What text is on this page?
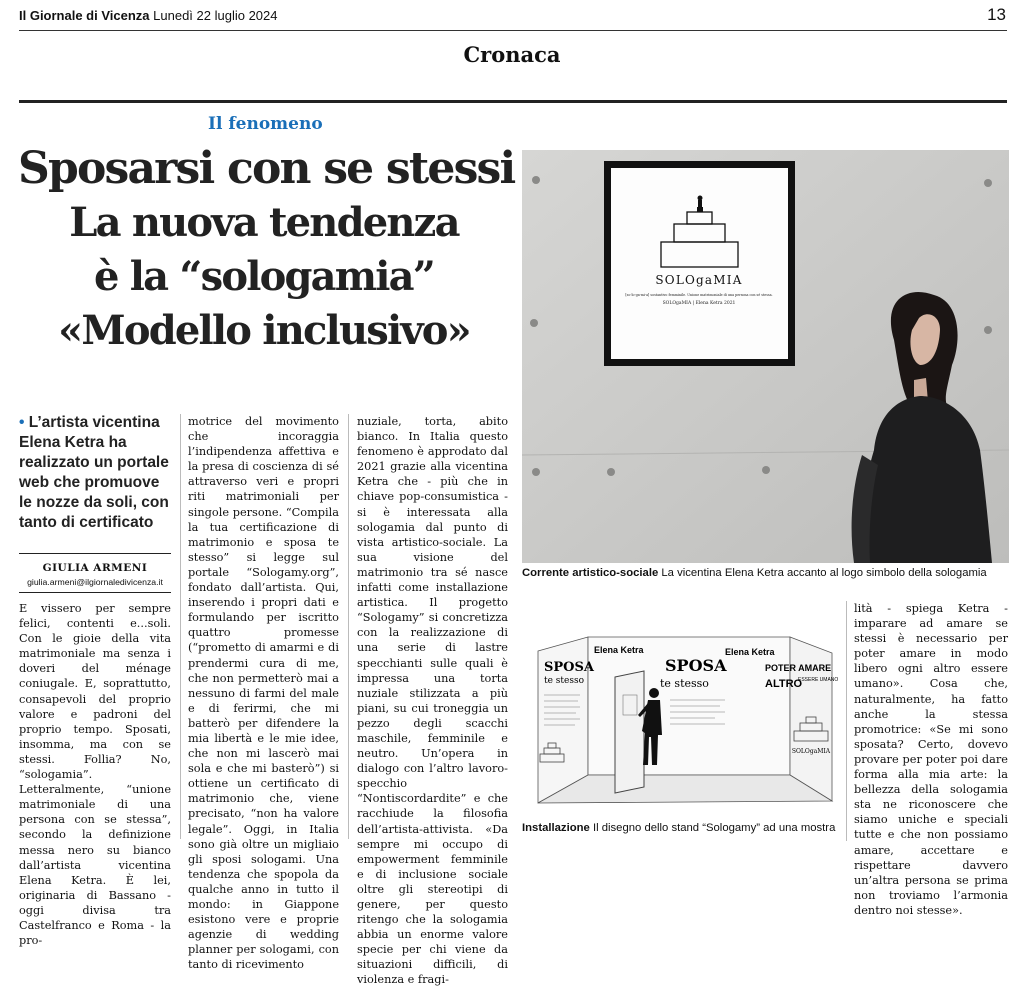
Il Giornale di Vicenza Lunedì 22 luglio 2024	13
Cronaca
Il fenomeno
Sposarsi con se stessi
La nuova tendenza
è la “sologamia”
«Modello inclusivo»
• L’artista vicentina Elena Ketra ha realizzato un portale web che promuove le nozze da soli, con tanto di certificato
GIULIA ARMENI
giulia.armeni@ilgiornaledivicenza.it
E vissero per sempre felici, contenti e...soli. Con le gioie della vita matrimoniale ma senza i doveri del ménage coniugale. E, soprattutto, consapevoli del proprio valore e padroni del proprio tempo. Sposati, insomma, ma con se stessi. Follia? No, “sologamia”. Letteralmente, “unione matrimoniale di una persona con se stessa”, secondo la definizione messa nero su bianco dall’artista vicentina Elena Ketra. È lei, originaria di Bassano - oggi divisa tra Castelfranco e Roma - la pro-
motrice del movimento che incoraggia l’indipendenza affettiva e la presa di coscienza di sé attraverso veri e propri riti matrimoniali per singole persone. “Compila la tua certificazione di matrimonio e sposa te stesso” si legge sul portale “Sologamy.org”, fondato dall’artista. Qui, inserendo i propri dati e formulando per iscritto quattro promesse (“prometto di amarmi e di prendermi cura di me, che non permetterò mai a nessuno di farmi del male e di ferirmi, che mi batterò per difendere la mia libertà e le mie idee, che non mi lascerò mai sola e che mi basterò”) si ottiene un certificato di matrimonio che, viene precisato, “non ha valore legale”. Oggi, in Italia sono già oltre un migliaio gli sposi sologami. Una tendenza che spopola da qualche anno in tutto il mondo: in Giappone esistono vere e proprie agenzie di wedding planner per sologami, con tanto di ricevimento
nuziale, torta, abito bianco. In Italia questo fenomeno è approdato dal 2021 grazie alla vicentina Ketra che - più che in chiave pop-consumistica - si è interessata alla sologamia dal punto di vista artistico-sociale. La sua visione del matrimonio tra sé nasce infatti come installazione artistica. Il progetto “Sologamy” si concretizza con la realizzazione di una serie di lastre specchianti sulle quali è impressa una torta nuziale stilizzata a più piani, su cui troneggia un pezzo degli scacchi maschile, femminile e neutro. Un’opera in dialogo con l’altro lavoro-specchio “Nontiscordardite” e che racchiude la filosofia dell’artista-attivista. «Da sempre mi occupo di empowerment femminile e di inclusione sociale oltre gli stereotipi di genere, per questo ritengo che la sologamia abbia un enorme valore specie per chi viene da situazioni difficili, di violenza e fragi-
lità - spiega Ketra - imparare ad amare se stessi è necessario per poter amare in modo libero ogni altro essere umano». Cosa che, naturalmente, ha fatto anche la stessa promotrice: «Se mi sono sposata? Certo, dovevo provare per poter poi dare forma alla mia arte: la bellezza della sologamia sta ne riconoscere che siamo uniche e speciali tutte e che non possiamo amare, accettare e rispettare davvero un’altra persona se prima non troviamo l’armonia dentro noi stesse».
SOLOgaMIA
[so-lo-ga-mi-a] sostantivo femminile. Unione matrimoniale di una persona con sé stessa.
SOLOgaMIA | Elena Ketra 2021
Corrente artistico-sociale La vicentina Elena Ketra accanto al logo simbolo della sologamia
SPOSA
te stesso
Elena Ketra
SPOSA
te stesso
Elena Ketra
POTER AMARE
ALTRO
ESSERE UMANO
SOLOgaMIA
Installazione Il disegno dello stand “Sologamy” ad una mostra
